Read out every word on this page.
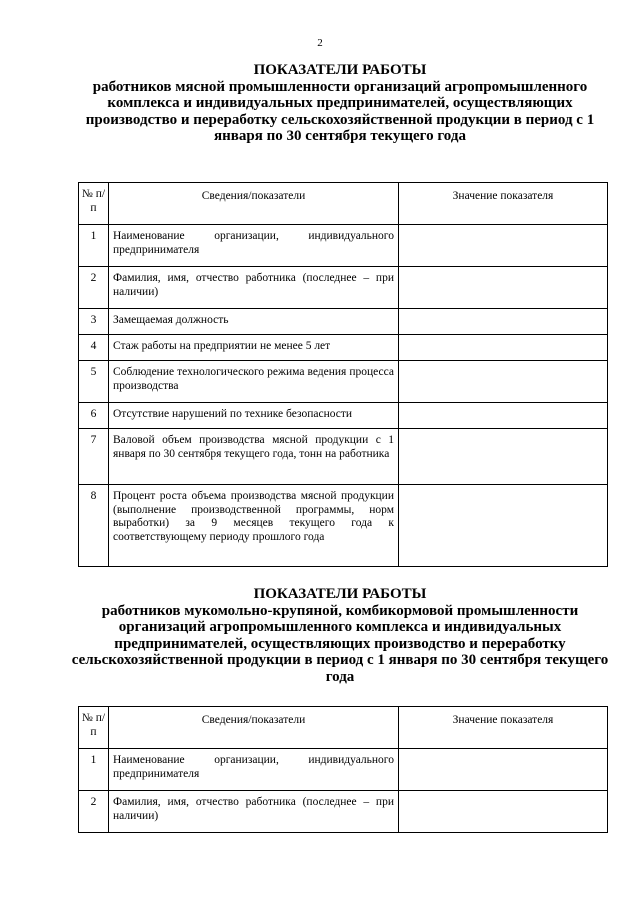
2
ПОКАЗАТЕЛИ РАБОТЫ
работников мясной промышленности организаций агропромышленного комплекса и индивидуальных предпринимателей, осуществляющих производство и переработку сельскохозяйственной продукции в период с 1 января по 30 сентября текущего года
№ п/п	Сведения/показатели	Значение показателя
1	Наименование организации, индивидуального предпринимателя	
2	Фамилия, имя, отчество работника (последнее – при наличии)	
3	Замещаемая должность	
4	Стаж работы на предприятии не менее 5 лет	
5	Соблюдение технологического режима ведения процесса производства	
6	Отсутствие нарушений по технике безопасности	
7	Валовой объем производства мясной продукции с 1 января по 30 сентября текущего года, тонн на работника	
8	Процент роста объема производства мясной продукции (выполнение производственной программы, норм выработки) за 9 месяцев текущего года к соответствующему периоду прошлого года	
ПОКАЗАТЕЛИ РАБОТЫ
работников мукомольно-крупяной, комбикормовой промышленности организаций агропромышленного комплекса и индивидуальных предпринимателей, осуществляющих производство и переработку сельскохозяйственной продукции в период с 1 января по 30 сентября текущего года
№ п/п	Сведения/показатели	Значение показателя
1	Наименование организации, индивидуального предпринимателя	
2	Фамилия, имя, отчество работника (последнее – при наличии)	
